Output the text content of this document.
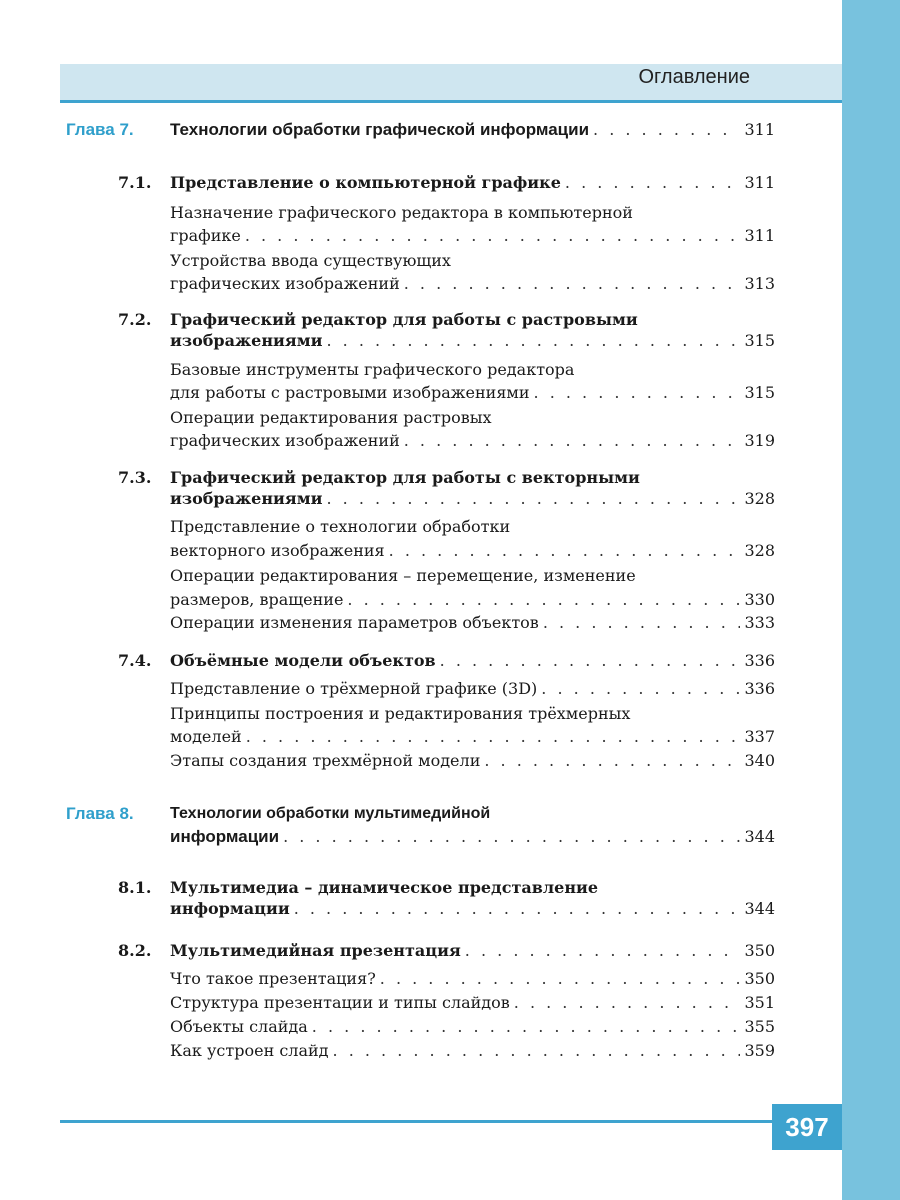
Оглавление
Глава 7. Технологии обработки графической информации . . .	311
7.1. Представление о компьютерной графике . . .	311
Назначение графического редактора в компьютерной
графике . . .	311
Устройства ввода существующих
графических изображений . . .	313
7.2. Графический редактор для работы с растровыми
изображениями . . .	315
Базовые инструменты графического редактора
для работы с растровыми изображениями . . .	315
Операции редактирования растровых
графических изображений . . .	319
7.3. Графический редактор для работы с векторными
изображениями . . .	328
Представление о технологии обработки
векторного изображения . . .	328
Операции редактирования – перемещение, изменение
размеров, вращение . . .	330
Операции изменения параметров объектов . . .	333
7.4. Объёмные модели объектов . . .	336
Представление о трёхмерной графике (3D) . . .	336
Принципы построения и редактирования трёхмерных
моделей . . .	337
Этапы создания трехмёрной модели . . .	340
Глава 8. Технологии обработки мультимедийной
информации . . .	344
8.1. Мультимедиа – динамическое представление
информации . . .	344
8.2. Мультимедийная презентация . . .	350
Что такое презентация? . . .	350
Структура презентации и типы слайдов . . .	351
Объекты слайда . . .	355
Как устроен слайд . . .	359
397
